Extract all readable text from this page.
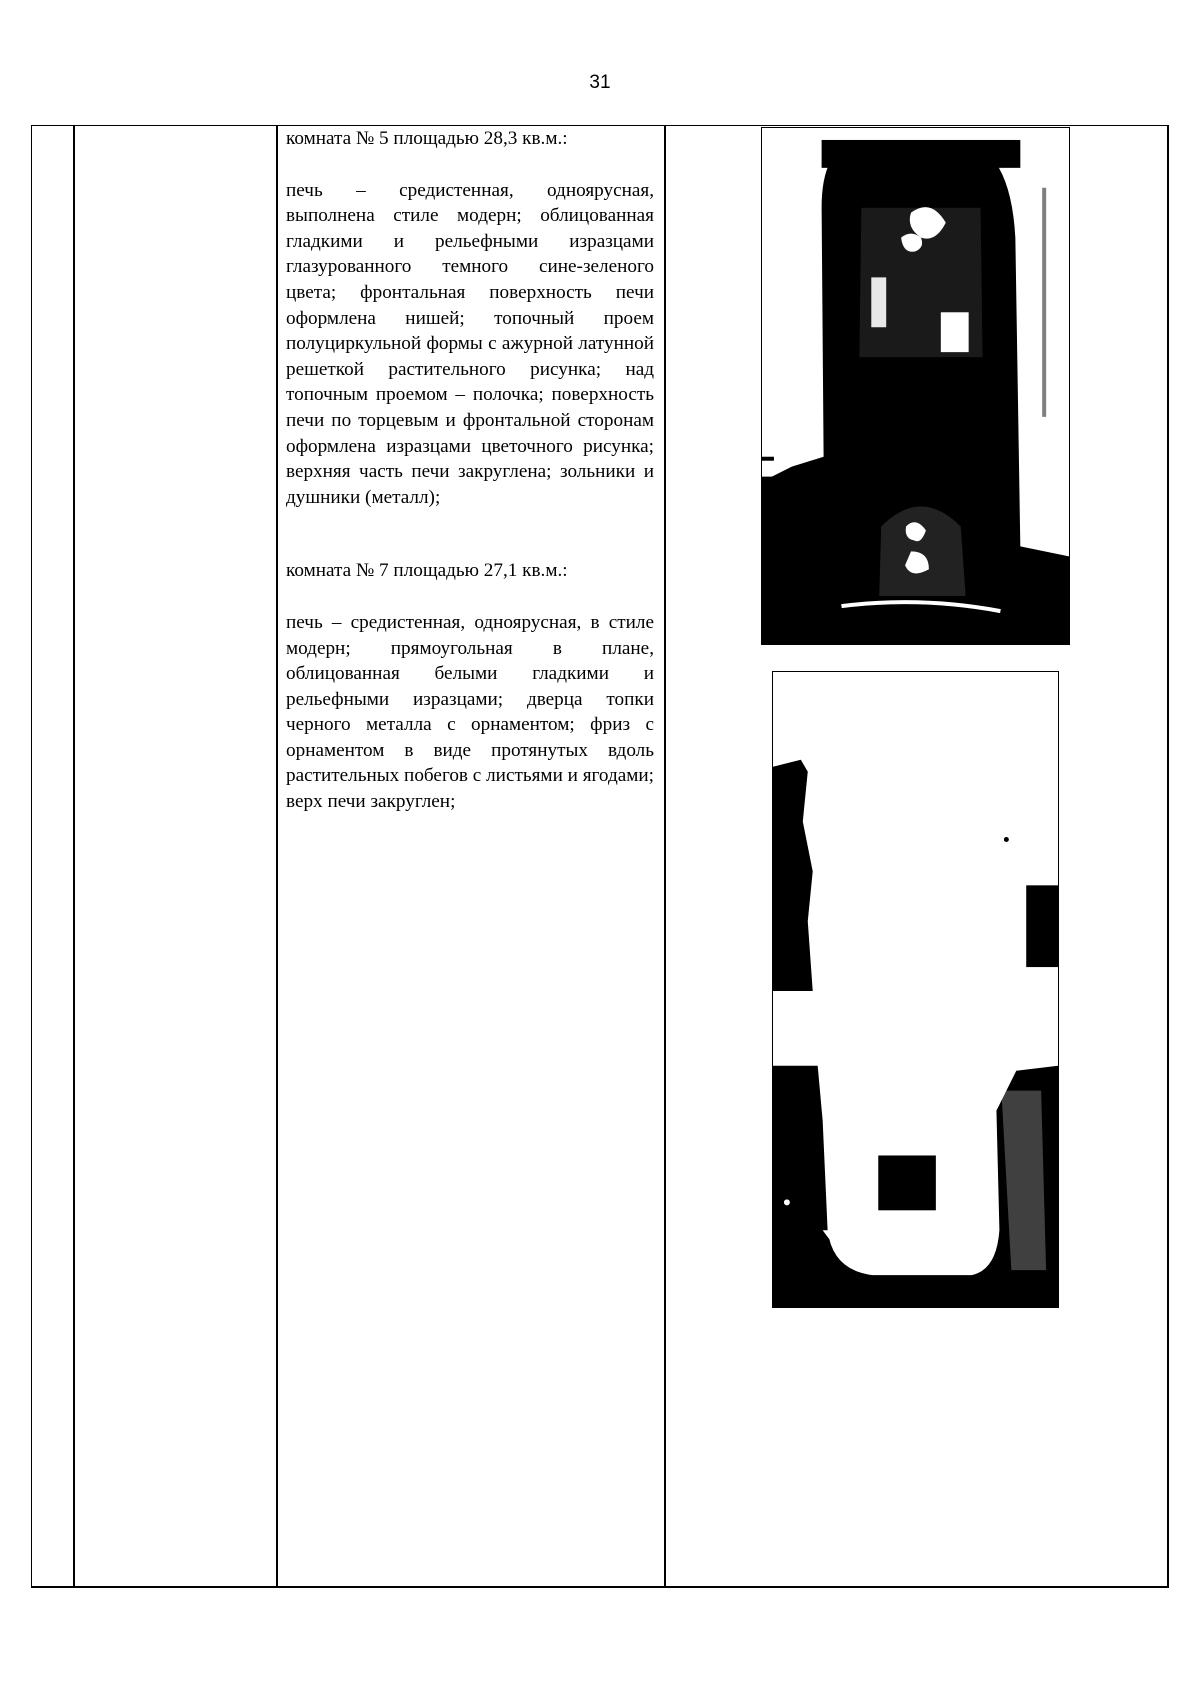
31

комната № 5 площадью 28,3 кв.м.:

печь – средистенная, одноярусная, выполнена стиле модерн; облицованная гладкими и рельефными изразцами глазурованного темного сине-зеленого цвета; фронтальная поверхность печи оформлена нишей; топочный проем полуциркульной формы с ажурной латунной решеткой растительного рисунка; над топочным проемом – полочка; поверхность печи по торцевым и фронтальной сторонам оформлена изразцами цветочного рисунка; верхняя часть печи закруглена; зольники и душники (металл);

комната № 7 площадью 27,1 кв.м.:

печь – средистенная, одноярусная, в стиле модерн; прямоугольная в плане, облицованная белыми гладкими и рельефными изразцами; дверца топки черного металла с орнаментом; фриз с орнаментом в виде протянутых вдоль растительных побегов с листьями и ягодами; верх печи закруглен;
